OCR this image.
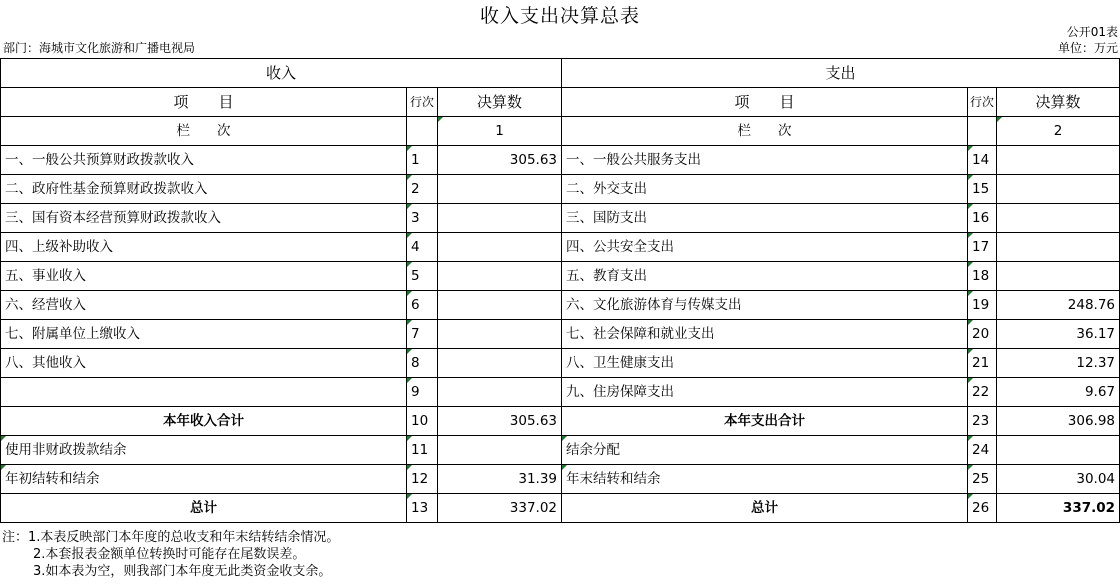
收入支出决算总表
公开01表
部门：海城市文化旅游和广播电视局	单位：万元
收入			支出		
项　　目	行次	决算数	项　　目	行次	决算数
栏　　次		1	栏　　次		2
一、一般公共预算财政拨款收入	1	305.63	一、一般公共服务支出	14	
二、政府性基金预算财政拨款收入	2		二、外交支出	15	
三、国有资本经营预算财政拨款收入	3		三、国防支出	16	
四、上级补助收入	4		四、公共安全支出	17	
五、事业收入	5		五、教育支出	18	
六、经营收入	6		六、文化旅游体育与传媒支出	19	248.76
七、附属单位上缴收入	7		七、社会保障和就业支出	20	36.17
八、其他收入	8		八、卫生健康支出	21	12.37
	9		九、住房保障支出	22	9.67
本年收入合计	10	305.63	本年支出合计	23	306.98
使用非财政拨款结余	11		结余分配	24	
年初结转和结余	12	31.39	年末结转和结余	25	30.04
总计	13	337.02	总计	26	337.02
注：1.本表反映部门本年度的总收支和年末结转结余情况。
2.本套报表金额单位转换时可能存在尾数误差。
3.如本表为空，则我部门本年度无此类资金收支余。
